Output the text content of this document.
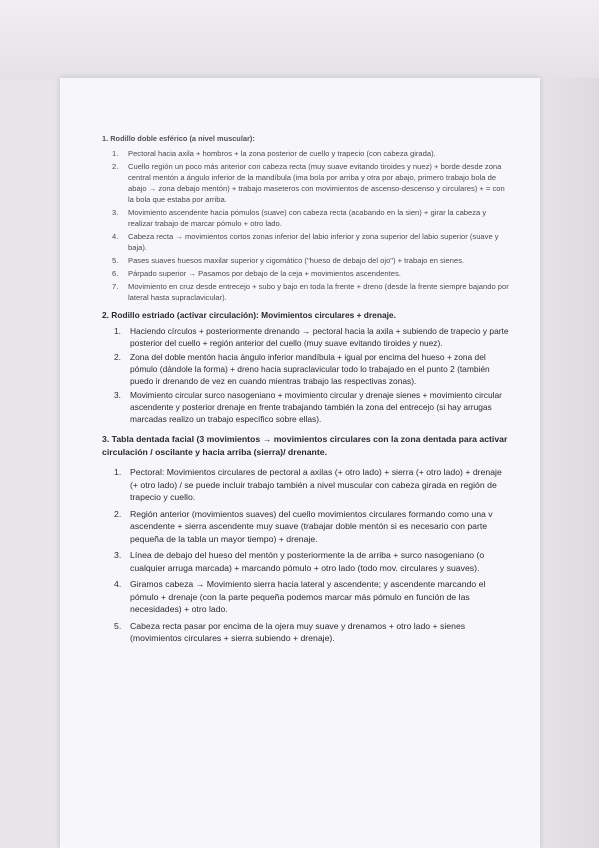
1. Rodillo doble esférico (a nivel muscular):

1.	Pectoral hacia axila + hombros + la zona posterior de cuello y trapecio (con cabeza girada).
2.	Cuello región un poco más anterior con cabeza recta (muy suave evitando tiroides y nuez) + borde desde zona central mentón a ángulo inferior de la mandíbula (ima bola por arriba y otra por abajo, primero trabajo bola de abajo → zona debajo mentón) + trabajo maseteros con movimientos de ascenso-descenso y circulares) + = con la bola que estaba por arriba.
3.	Movimiento ascendente hacia pómulos (suave) con cabeza recta (acabando en la sien) + girar la cabeza y realizar trabajo de marcar pómulo + otro lado.
4.	Cabeza recta → movimientos cortos zonas inferior del labio inferior y zona superior del labio superior (suave y baja).
5.	Pases suaves huesos maxilar superior y cigomático ("hueso de debajo del ojo") + trabajo en sienes.
6.	Párpado superior → Pasamos por debajo de la ceja + movimientos ascendentes.
7.	Movimiento en cruz desde entrecejo + subo y bajo en toda la frente + dreno (desde la frente siempre bajando por lateral hasta supraclavicular).

2. Rodillo estriado (activar circulación): Movimientos circulares + drenaje.

1.	Haciendo círculos + posteriormente drenando → pectoral hacia la axila + subiendo de trapecio y parte posterior del cuello + región anterior del cuello (muy suave evitando tiroides y nuez).
2.	Zona del doble mentón hacia ángulo inferior mandíbula + igual por encima del hueso + zona del pómulo (dándole la forma) + dreno hacia supraclavicular todo lo trabajado en el punto 2 (también puedo ir drenando de vez en cuando mientras trabajo las respectivas zonas).
3.	Movimiento circular surco nasogeniano + movimiento circular y drenaje sienes + movimiento circular ascendente y posterior drenaje en frente trabajando también la zona del entrecejo (si hay arrugas marcadas realizo un trabajo específico sobre ellas).

3. Tabla dentada facial (3 movimientos → movimientos circulares con la zona dentada para activar circulación / oscilante y hacia arriba (sierra)/ drenante.

1.	Pectoral: Movimientos circulares de pectoral a axilas (+ otro lado) + sierra (+ otro lado) + drenaje (+ otro lado) / se puede incluir trabajo también a nivel muscular con cabeza girada en región de trapecio y cuello.
2.	Región anterior (movimientos suaves) del cuello movimientos circulares formando como una v ascendente + sierra ascendente muy suave (trabajar doble mentón si es necesario con parte pequeña de la tabla un mayor tiempo) + drenaje.
3.	Línea de debajo del hueso del mentón y posteriormente la de arriba + surco nasogeniano (o cualquier arruga marcada) + marcando pómulo + otro lado (todo mov. circulares y suaves).
4.	Giramos cabeza → Movimiento sierra hacia lateral y ascendente; y ascendente marcando el pómulo + drenaje (con la parte pequeña podemos marcar más pómulo en función de las necesidades) + otro lado.
5.	Cabeza recta pasar por encima de la ojera muy suave y drenamos + otro lado + sienes (movimientos circulares + sierra subiendo + drenaje).
